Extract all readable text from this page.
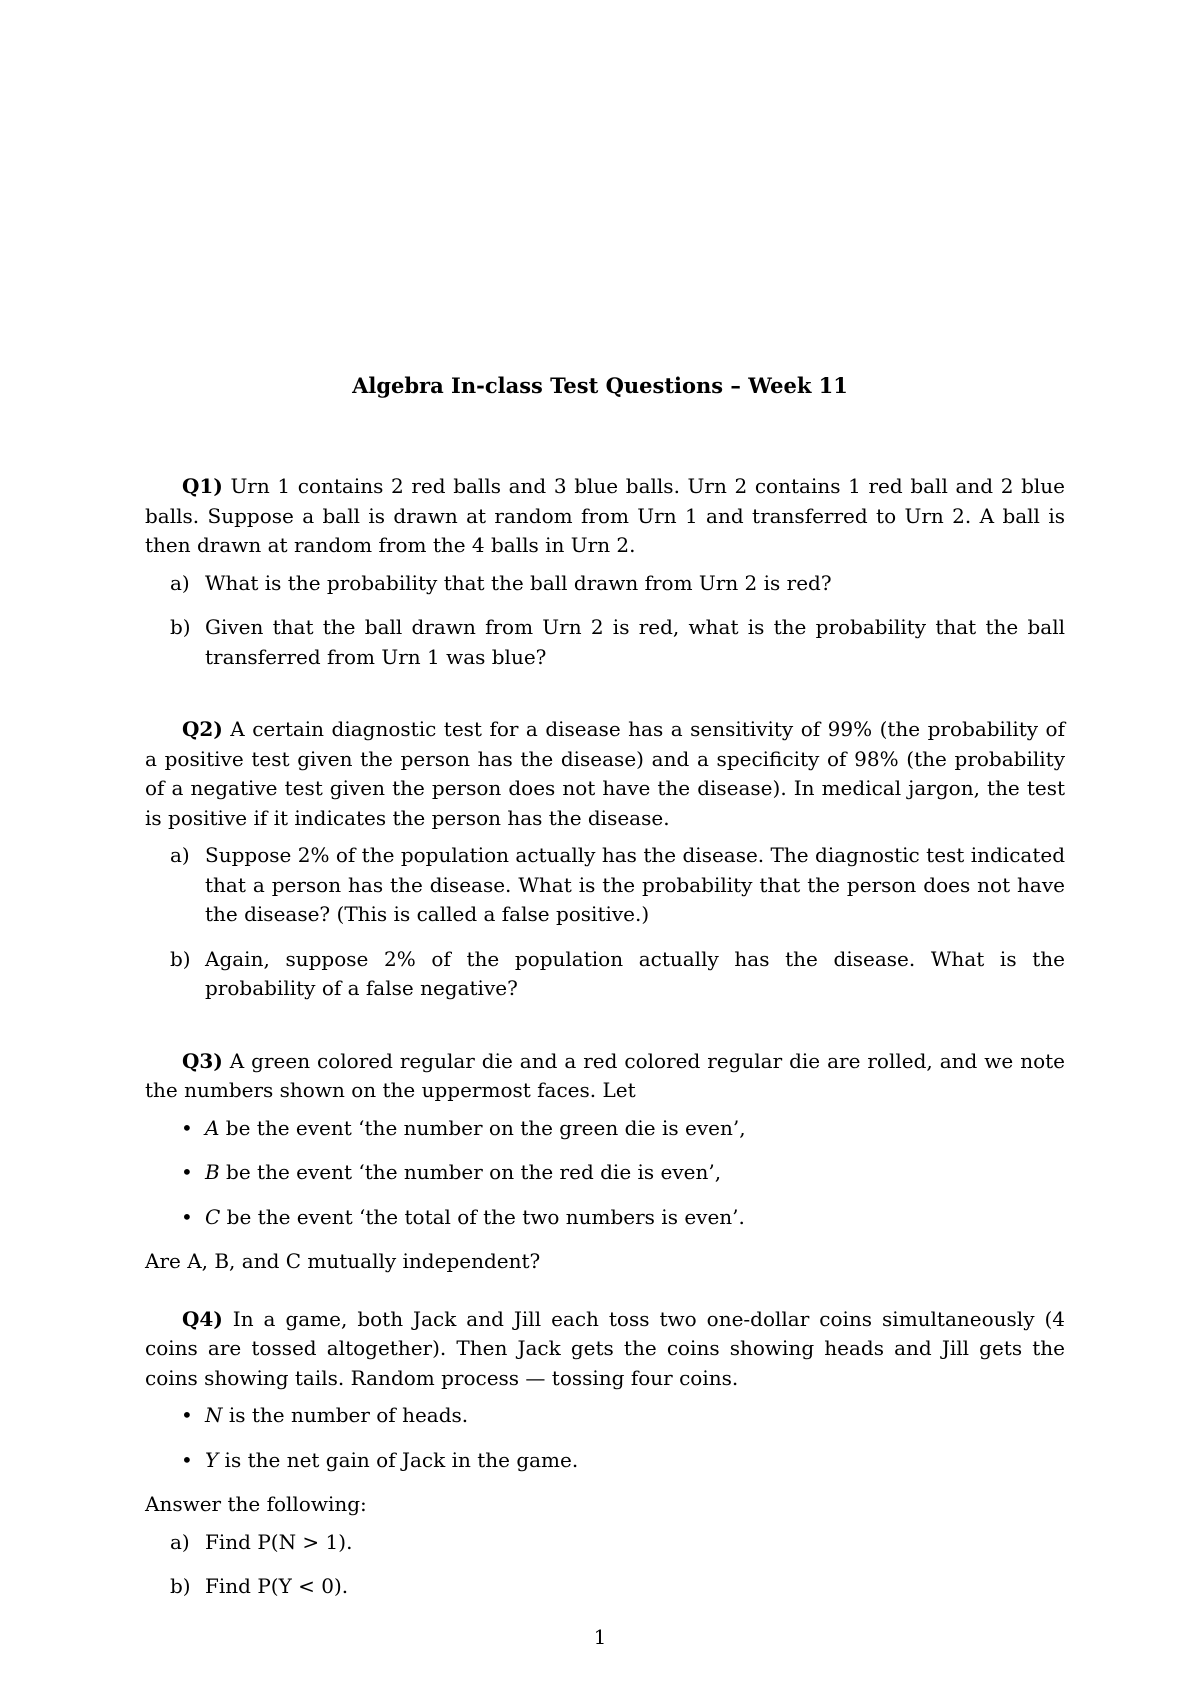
Algebra In-class Test Questions – Week 11

Q1) Urn 1 contains 2 red balls and 3 blue balls. Urn 2 contains 1 red ball and 2 blue balls. Suppose a ball is drawn at random from Urn 1 and transferred to Urn 2. A ball is then drawn at random from the 4 balls in Urn 2.

a) What is the probability that the ball drawn from Urn 2 is red?
b) Given that the ball drawn from Urn 2 is red, what is the probability that the ball transferred from Urn 1 was blue?

Q2) A certain diagnostic test for a disease has a sensitivity of 99% (the probability of a positive test given the person has the disease) and a specificity of 98% (the probability of a negative test given the person does not have the disease). In medical jargon, the test is positive if it indicates the person has the disease.

a) Suppose 2% of the population actually has the disease. The diagnostic test indicated that a person has the disease. What is the probability that the person does not have the disease? (This is called a false positive.)
b) Again, suppose 2% of the population actually has the disease. What is the probability of a false negative?

Q3) A green colored regular die and a red colored regular die are rolled, and we note the numbers shown on the uppermost faces. Let

• A be the event ‘the number on the green die is even’,
• B be the event ‘the number on the red die is even’,
• C be the event ‘the total of the two numbers is even’.

Are A, B, and C mutually independent?

Q4) In a game, both Jack and Jill each toss two one-dollar coins simultaneously (4 coins are tossed altogether). Then Jack gets the coins showing heads and Jill gets the coins showing tails. Random process — tossing four coins.

• N is the number of heads.
• Y is the net gain of Jack in the game.

Answer the following:

a) Find P(N > 1).
b) Find P(Y < 0).
1
